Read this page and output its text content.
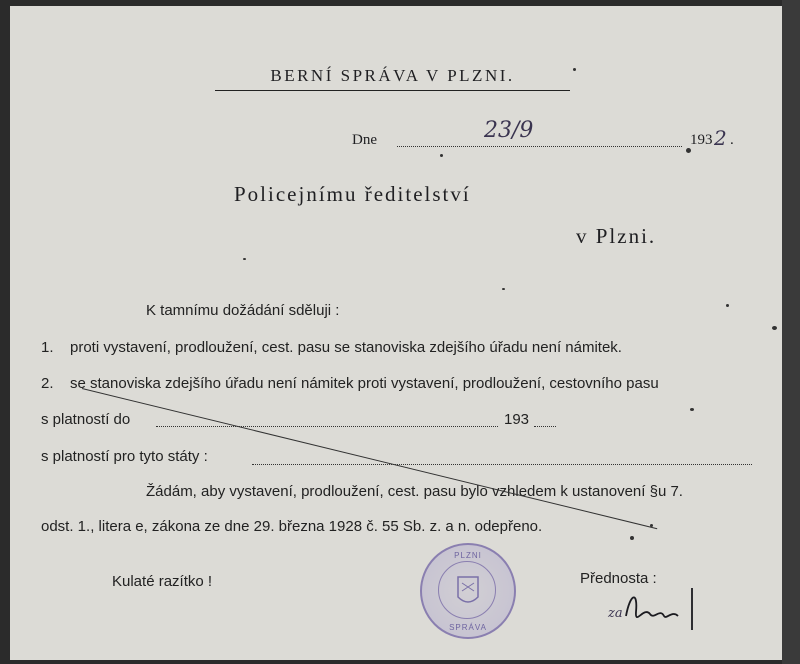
BERNÍ SPRÁVA V PLZNI.
Dne	23/9	193 2 .
Policejnímu ředitelství
v Plzni.
K tamnímu dožádání sděluji :
1. proti vystavení, prodloužení, cest. pasu se stanoviska zdejšího úřadu není námitek.
2. se stanoviska zdejšího úřadu není námitek proti vystavení, prodloužení, cestovního pasu
s platností do	193
s platností pro tyto státy :
Žádám, aby vystavení, prodloužení, cest. pasu bylo vzhledem k ustanovení §u 7.
odst. 1., litera e, zákona ze dne 29. března 1928 č. 55 Sb. z. a n. odepřeno.
Kulaté razítko !	Přednosta :
PLZNI
SPRÁVA
za
